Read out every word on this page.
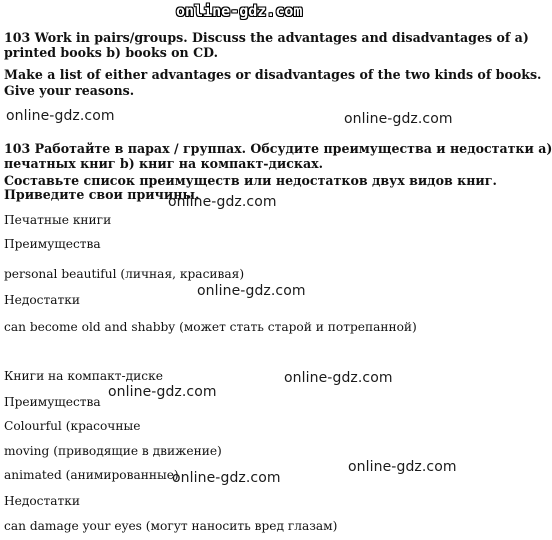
online-gdz.com
103 Work in pairs/groups. Discuss the advantages and disadvantages of a)
printed books b) books on CD.
Make a list of either advantages or disadvantages of the two kinds of books.
Give your reasons.
online-gdz.com	online-gdz.com
103 Работайте в парах / группах. Обсудите преимущества и недостатки а)
печатных книг b) книг на компакт-дисках.
Составьте список преимуществ или недостатков двух видов книг.
Приведите свои причины.
online-gdz.com
Печатные книги
Преимущества
personal beautiful (личная, красивая)
online-gdz.com
Недостатки
can become old and shabby (может стать старой и потрепанной)
Книги на компакт-диске	online-gdz.com
online-gdz.com
Преимущества
Colourful (красочные
moving (приводящие в движение)
online-gdz.com
animated (анимированные)
online-gdz.com
Недостатки
can damage your eyes (могут наносить вред глазам)
